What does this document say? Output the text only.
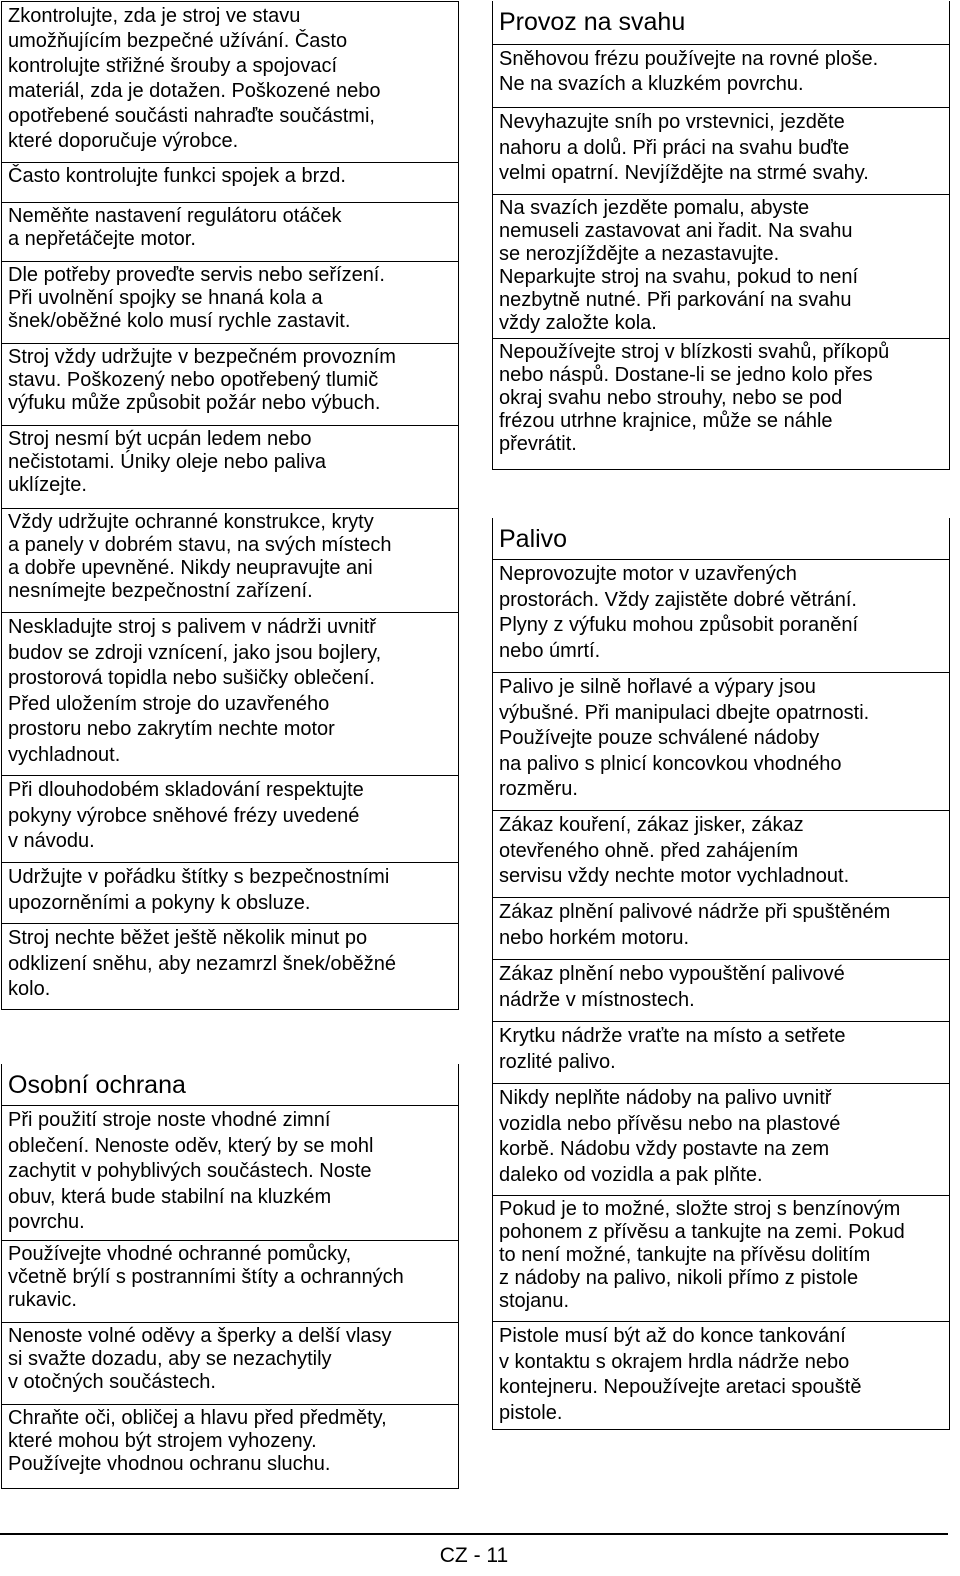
Zkontrolujte, zda je stroj ve stavu
umožňujícím bezpečné užívání. Často
kontrolujte střižné šrouby a spojovací
materiál, zda je dotažen. Poškozené nebo
opotřebené součásti nahraďte součástmi,
které doporučuje výrobce.
Často kontrolujte funkci spojek a brzd.
Neměňte nastavení regulátoru otáček
a nepřetáčejte motor.
Dle potřeby proveďte servis nebo seřízení.
Při uvolnění spojky se hnaná kola a
šnek/oběžné kolo musí rychle zastavit.
Stroj vždy udržujte v bezpečném provozním
stavu. Poškozený nebo opotřebený tlumič
výfuku může způsobit požár nebo výbuch.
Stroj nesmí být ucpán ledem nebo
nečistotami. Úniky oleje nebo paliva
uklízejte.
Vždy udržujte ochranné konstrukce, kryty
a panely v dobrém stavu, na svých místech
a dobře upevněné. Nikdy neupravujte ani
nesnímejte bezpečnostní zařízení.
Neskladujte stroj s palivem v nádrži uvnitř
budov se zdroji vznícení, jako jsou bojlery,
prostorová topidla nebo sušičky oblečení.
Před uložením stroje do uzavřeného
prostoru nebo zakrytím nechte motor
vychladnout.
Při dlouhodobém skladování respektujte
pokyny výrobce sněhové frézy uvedené
v návodu.
Udržujte v pořádku štítky s bezpečnostními
upozorněními a pokyny k obsluze.
Stroj nechte běžet ještě několik minut po
odklizení sněhu, aby nezamrzl šnek/oběžné
kolo.
Osobní ochrana
Při použití stroje noste vhodné zimní
oblečení. Nenoste oděv, který by se mohl
zachytit v pohyblivých součástech. Noste
obuv, která bude stabilní na kluzkém
povrchu.
Používejte vhodné ochranné pomůcky,
včetně brýlí s postranními štíty a ochranných
rukavic.
Nenoste volné oděvy a šperky a delší vlasy
si svažte dozadu, aby se nezachytily
v otočných součástech.
Chraňte oči, obličej a hlavu před předměty,
které mohou být strojem vyhozeny.
Používejte vhodnou ochranu sluchu.
Provoz na svahu
Sněhovou frézu používejte na rovné ploše.
Ne na svazích a kluzkém povrchu.
Nevyhazujte sníh po vrstevnici, jezděte
nahoru a dolů. Při práci na svahu buďte
velmi opatrní. Nevjíždějte na strmé svahy.
Na svazích jezděte pomalu, abyste
nemuseli zastavovat ani řadit. Na svahu
se nerozjíždějte a nezastavujte.
Neparkujte stroj na svahu, pokud to není
nezbytně nutné. Při parkování na svahu
vždy založte kola.
Nepoužívejte stroj v blízkosti svahů, příkopů
nebo náspů. Dostane-li se jedno kolo přes
okraj svahu nebo strouhy, nebo se pod
frézou utrhne krajnice, může se náhle
převrátit.
Palivo
Neprovozujte motor v uzavřených
prostorách. Vždy zajistěte dobré větrání.
Plyny z výfuku mohou způsobit poranění
nebo úmrtí.
Palivo je silně hořlavé a výpary jsou
výbušné. Při manipulaci dbejte opatrnosti.
Používejte pouze schválené nádoby
na palivo s plnicí koncovkou vhodného
rozměru.
Zákaz kouření, zákaz jisker, zákaz
otevřeného ohně. před zahájením
servisu vždy nechte motor vychladnout.
Zákaz plnění palivové nádrže při spuštěném
nebo horkém motoru.
Zákaz plnění nebo vypouštění palivové
nádrže v místnostech.
Krytku nádrže vraťte na místo a setřete
rozlité palivo.
Nikdy neplňte nádoby na palivo uvnitř
vozidla nebo přívěsu nebo na plastové
korbě. Nádobu vždy postavte na zem
daleko od vozidla a pak plňte.
Pokud je to možné, složte stroj s benzínovým
pohonem z přívěsu a tankujte na zemi. Pokud
to není možné, tankujte na přívěsu dolitím
z nádoby na palivo, nikoli přímo z pistole
stojanu.
Pistole musí být až do konce tankování
v kontaktu s okrajem hrdla nádrže nebo
kontejneru. Nepoužívejte aretaci spouště
pistole.
CZ - 11
